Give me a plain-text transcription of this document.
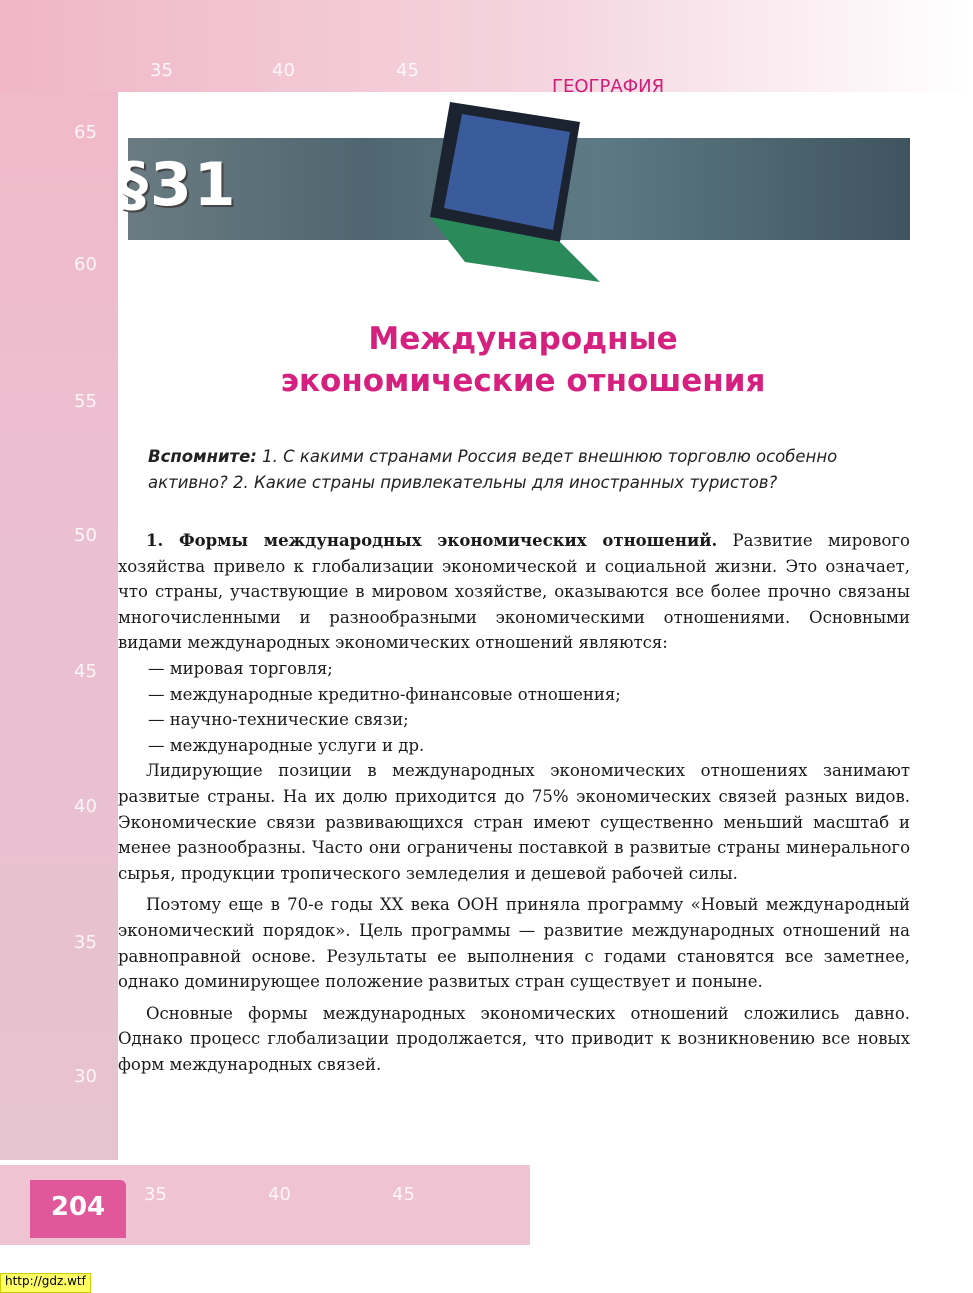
35	40	45
65
60
55
50
45
40
35
30
35	40	45
ГЕОГРАФИЯ
§31
Международные
экономические отношения
Вспомните: 1. С какими странами Россия ведет внешнюю торговлю особенно активно? 2. Какие страны привлекательны для иностранных туристов?

1. Формы международных экономических отношений. Развитие мирового хозяйства привело к глобализации экономической и социальной жизни. Это означает, что страны, участвующие в мировом хозяйстве, оказываются все более прочно связаны многочисленными и разнообразными экономическими отношениями. Основными видами международных экономических отношений являются:

— мировая торговля;
— международные кредитно-финансовые отношения;
— научно-технические связи;
— международные услуги и др.

Лидирующие позиции в международных экономических отношениях занимают развитые страны. На их долю приходится до 75% экономических связей разных видов. Экономические связи развивающихся стран имеют существенно меньший масштаб и менее разнообразны. Часто они ограничены поставкой в развитые страны минерального сырья, продукции тропического земледелия и дешевой рабочей силы.

Поэтому еще в 70-е годы XX века ООН приняла программу «Новый международный экономический порядок». Цель программы — развитие международных отношений на равноправной основе. Результаты ее выполнения с годами становятся все заметнее, однако доминирующее положение развитых стран существует и поныне.

Основные формы международных экономических отношений сложились давно. Однако процесс глобализации продолжается, что приводит к возникновению все новых форм международных связей.

204
http://gdz.wtf
